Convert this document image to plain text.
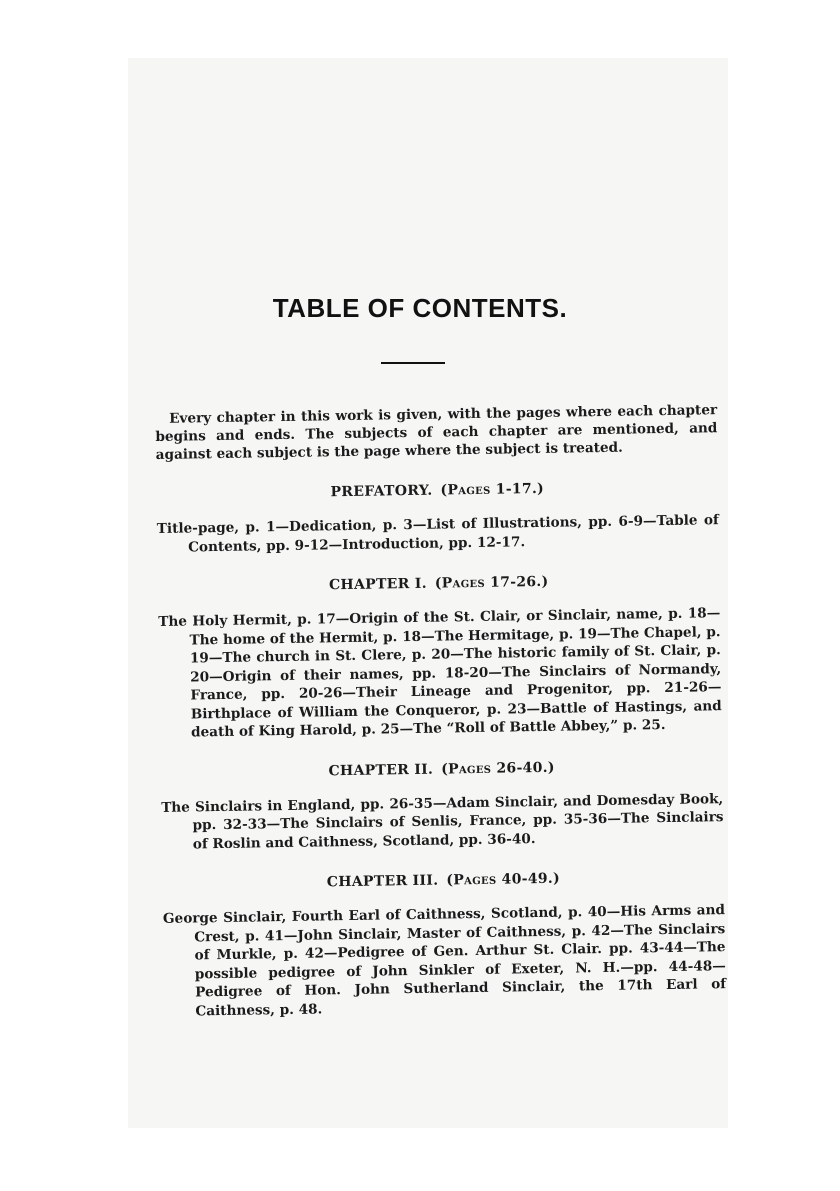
TABLE OF CONTENTS.

Every chapter in this work is given, with the pages where each chapter begins and ends. The subjects of each chapter are mentioned, and against each subject is the page where the subject is treated.

PREFATORY. (Pages 1-17.)

Title-page, p. 1—Dedication, p. 3—List of Illustrations, pp. 6-9—Table of Contents, pp. 9-12—Introduction, pp. 12-17.

CHAPTER I. (Pages 17-26.)

The Holy Hermit, p. 17—Origin of the St. Clair, or Sinclair, name, p. 18—The home of the Hermit, p. 18—The Hermitage, p. 19—The Chapel, p. 19—The church in St. Clere, p. 20—The historic family of St. Clair, p. 20—Origin of their names, pp. 18-20—The Sinclairs of Normandy, France, pp. 20-26—Their Lineage and Progenitor, pp. 21-26—Birthplace of William the Conqueror, p. 23—Battle of Hastings, and death of King Harold, p. 25—The “Roll of Battle Abbey,” p. 25.

CHAPTER II. (Pages 26-40.)

The Sinclairs in England, pp. 26-35—Adam Sinclair, and Domesday Book, pp. 32-33—The Sinclairs of Senlis, France, pp. 35-36—The Sinclairs of Roslin and Caithness, Scotland, pp. 36-40.

CHAPTER III. (Pages 40-49.)

George Sinclair, Fourth Earl of Caithness, Scotland, p. 40—His Arms and Crest, p. 41—John Sinclair, Master of Caithness, p. 42—The Sinclairs of Murkle, p. 42—Pedigree of Gen. Arthur St. Clair. pp. 43-44—The possible pedigree of John Sinkler of Exeter, N. H.—pp. 44-48—Pedigree of Hon. John Sutherland Sinclair, the 17th Earl of Caithness, p. 48.
